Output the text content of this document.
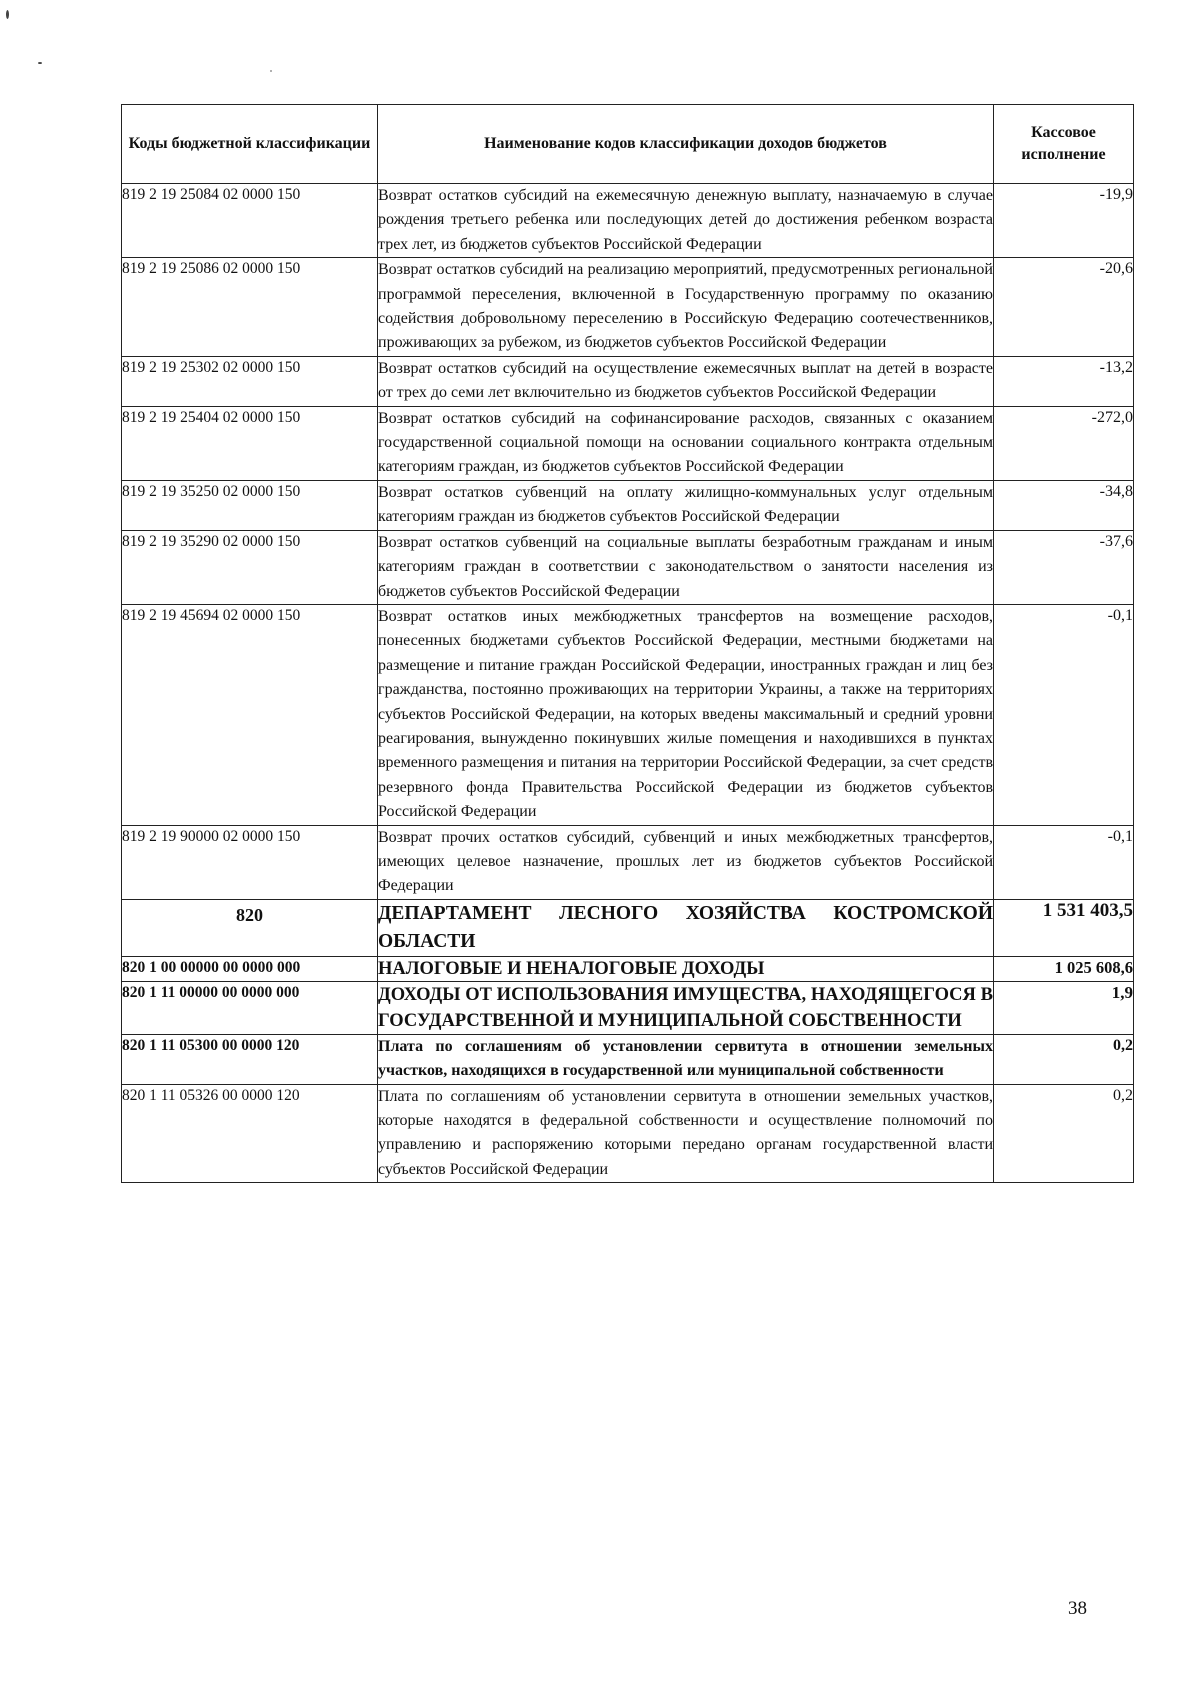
Коды бюджетной классификации	Наименование кодов классификации доходов бюджетов	Кассовое исполнение
819 2 19 25084 02 0000 150	Возврат остатков субсидий на ежемесячную денежную выплату, назначаемую в случае рождения третьего ребенка или последующих детей до достижения ребенком возраста трех лет, из бюджетов субъектов Российской Федерации	-19,9
819 2 19 25086 02 0000 150	Возврат остатков субсидий на реализацию мероприятий, предусмотренных региональной программой переселения, включенной в Государственную программу по оказанию содействия добровольному переселению в Российскую Федерацию соотечественников, проживающих за рубежом, из бюджетов субъектов Российской Федерации	-20,6
819 2 19 25302 02 0000 150	Возврат остатков субсидий на осуществление ежемесячных выплат на детей в возрасте от трех до семи лет включительно из бюджетов субъектов Российской Федерации	-13,2
819 2 19 25404 02 0000 150	Возврат остатков субсидий на софинансирование расходов, связанных с оказанием государственной социальной помощи на основании социального контракта отдельным категориям граждан, из бюджетов субъектов Российской Федерации	-272,0
819 2 19 35250 02 0000 150	Возврат остатков субвенций на оплату жилищно-коммунальных услуг отдельным категориям граждан из бюджетов субъектов Российской Федерации	-34,8
819 2 19 35290 02 0000 150	Возврат остатков субвенций на социальные выплаты безработным гражданам и иным категориям граждан в соответствии с законодательством о занятости населения из бюджетов субъектов Российской Федерации	-37,6
819 2 19 45694 02 0000 150	Возврат остатков иных межбюджетных трансфертов на возмещение расходов, понесенных бюджетами субъектов Российской Федерации, местными бюджетами на размещение и питание граждан Российской Федерации, иностранных граждан и лиц без гражданства, постоянно проживающих на территории Украины, а также на территориях субъектов Российской Федерации, на которых введены максимальный и средний уровни реагирования, вынужденно покинувших жилые помещения и находившихся в пунктах временного размещения и питания на территории Российской Федерации, за счет средств резервного фонда Правительства Российской Федерации из бюджетов субъектов Российской Федерации	-0,1
819 2 19 90000 02 0000 150	Возврат прочих остатков субсидий, субвенций и иных межбюджетных трансфертов, имеющих целевое назначение, прошлых лет из бюджетов субъектов Российской Федерации	-0,1
820	ДЕПАРТАМЕНТ ЛЕСНОГО ХОЗЯЙСТВА КОСТРОМСКОЙ ОБЛАСТИ	1 531 403,5
820 1 00 00000 00 0000 000	НАЛОГОВЫЕ И НЕНАЛОГОВЫЕ ДОХОДЫ	1 025 608,6
820 1 11 00000 00 0000 000	ДОХОДЫ ОТ ИСПОЛЬЗОВАНИЯ ИМУЩЕСТВА, НАХОДЯЩЕГОСЯ В ГОСУДАРСТВЕННОЙ И МУНИЦИПАЛЬНОЙ СОБСТВЕННОСТИ	1,9
820 1 11 05300 00 0000 120	Плата по соглашениям об установлении сервитута в отношении земельных участков, находящихся в государственной или муниципальной собственности	0,2
820 1 11 05326 00 0000 120	Плата по соглашениям об установлении сервитута в отношении земельных участков, которые находятся в федеральной собственности и осуществление полномочий по управлению и распоряжению которыми передано органам государственной власти субъектов Российской Федерации	0,2
38
